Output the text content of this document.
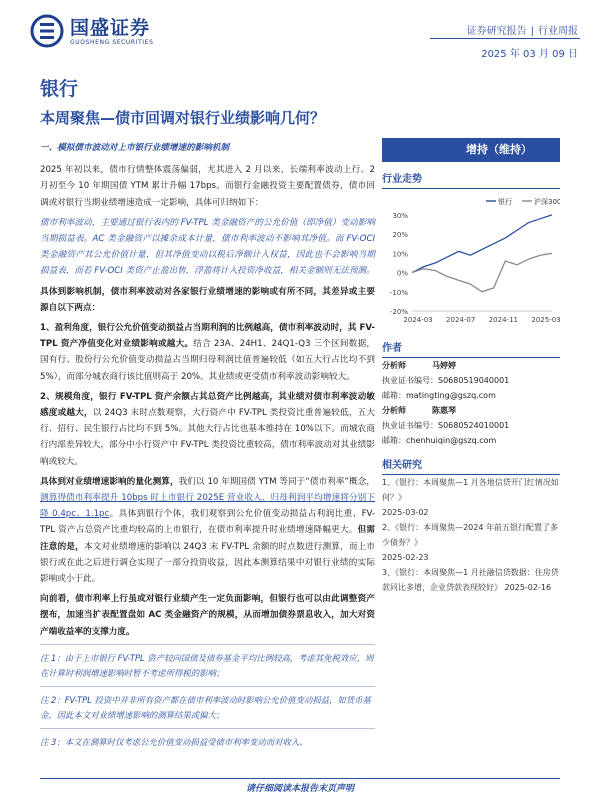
国盛证券
GUOSHENG SECURITIES
证券研究报告 | 行业周报
2025 年 03 月 09 日
银行
本周聚焦—债市回调对银行业绩影响几何？
一、模拟债市波动对上市银行业绩增速的影响机制

2025 年初以来，债市行情整体震荡偏弱，尤其进入 2 月以来，长端利率波动上行。2 月初至今 10 年期国债 YTM 累计升幅 17bps。而银行金融投资主要配置债券，债市回调或对银行当期业绩增速造成一定影响，具体可归纳如下：

债市利率波动，主要通过银行表内的 FV-TPL 类金融资产的公允价值（即净值）变动影响当期损益表。AC 类金融资产以摊余成本计量，债市利率波动不影响其净值。而 FV-OCI 类金融资产其公允价值计量，但其净值变动以税后净额计入权益，因此也不会影响当期损益表，而若 FV-OCI 类资产止盈出售，浮盈将计入投资净收益，相关金额则无法预测。

具体到影响机制，债市利率波动对各家银行业绩增速的影响或有所不同，其差异或主要源自以下两点：

1、盈利角度，银行公允价值变动损益占当期利润的比例越高，债市利率波动时，其 FV-TPL 资产净值变化对业绩影响或越大。结合 23A、24H1、24Q1-Q3 三个区间数据，国有行、股份行公允价值变动损益占当期归母利润比值普遍较低（如五大行占比均不到 5%），而部分城农商行该比值则高于 20%。其业绩或更受债市利率波动影响较大。

2、规模角度，银行 FV-TPL 资产余额占其总资产比例越高，其业绩对债市利率波动敏感度或越大，以 24Q3 末时点数观察，大行资产中 FV-TPL 类投资比重普遍较低，五大行、招行、民生银行占比均不到 5%。其他大行占比也基本维持在 10%以下。而城农商行内部差异较大，部分中小行资产中 FV-TPL 类投资比重较高，债市利率波动对其业绩影响或较大。

具体到对业绩增速影响的量化测算，我们以 10 年期国债 YTM 等同于“债市利率”概念，测算得债市利率提升 10bps 时上市银行 2025E 营业收入、归母利润平均增速将分别下降 0.4pc、1.1pc。具体到银行个体，我们观察到公允价值变动损益占利润比重、FV-TPL 资产占总资产比重均较高的上市银行，在债市利率提升时业绩增速降幅更大。但需注意的是，本文对业绩增速的影响以 24Q3 末 FV-TPL 余额的时点数进行测算，而上市银行或在此之后进行调仓实现了一部分投资收益，因此本测算结果中对银行业绩的实际影响或小于此。

向前看，债市利率上行虽或对银行业绩产生一定负面影响，但银行也可以由此调整资产摆布，加速当扩表配置盘如 AC 类金融资产的规模，从而增加债券票息收入，加大对资产端收益率的支撑力度。

注 1：由于上市银行 FV-TPL 资产较向国债及债券基金平均比例较高，考虑其免税效应，则在计算时利润增速影响时暂不考虑所得税的影响；

注 2：FV-TPL 投资中并非所有资产都在债市利率波动时影响公允价值变动损益，如货币基金，因此本文对业绩增速影响的测算结果或偏大；

注 3：本文在测算时仅考虑公允价值变动损益受债市利率变动而对收入、

增持（维持）
行业走势
-20%
-10%
0%
10%
20%
30%
2024-03 2024-07 2024-11 2025-03
银行	沪深300
作者
分析师	马婷婷
执业证书编号：S0680519040001
邮箱：matingting@gszq.com
分析师	陈惠琴
执业证书编号：S0680524010001
邮箱：chenhuiqin@gszq.com
相关研究
1、《银行：本周聚焦—1 月各地信贷开门红情况如何？》
2025-03-02
2、《银行：本周聚焦—2024 年前五银行配置了多少债券？》
2025-02-23
3、《银行：本周聚焦—1 月社融信贷数据：住房贷款同比多增，企业贷款表现较好》 2025-02-16
请仔细阅读本报告末页声明
